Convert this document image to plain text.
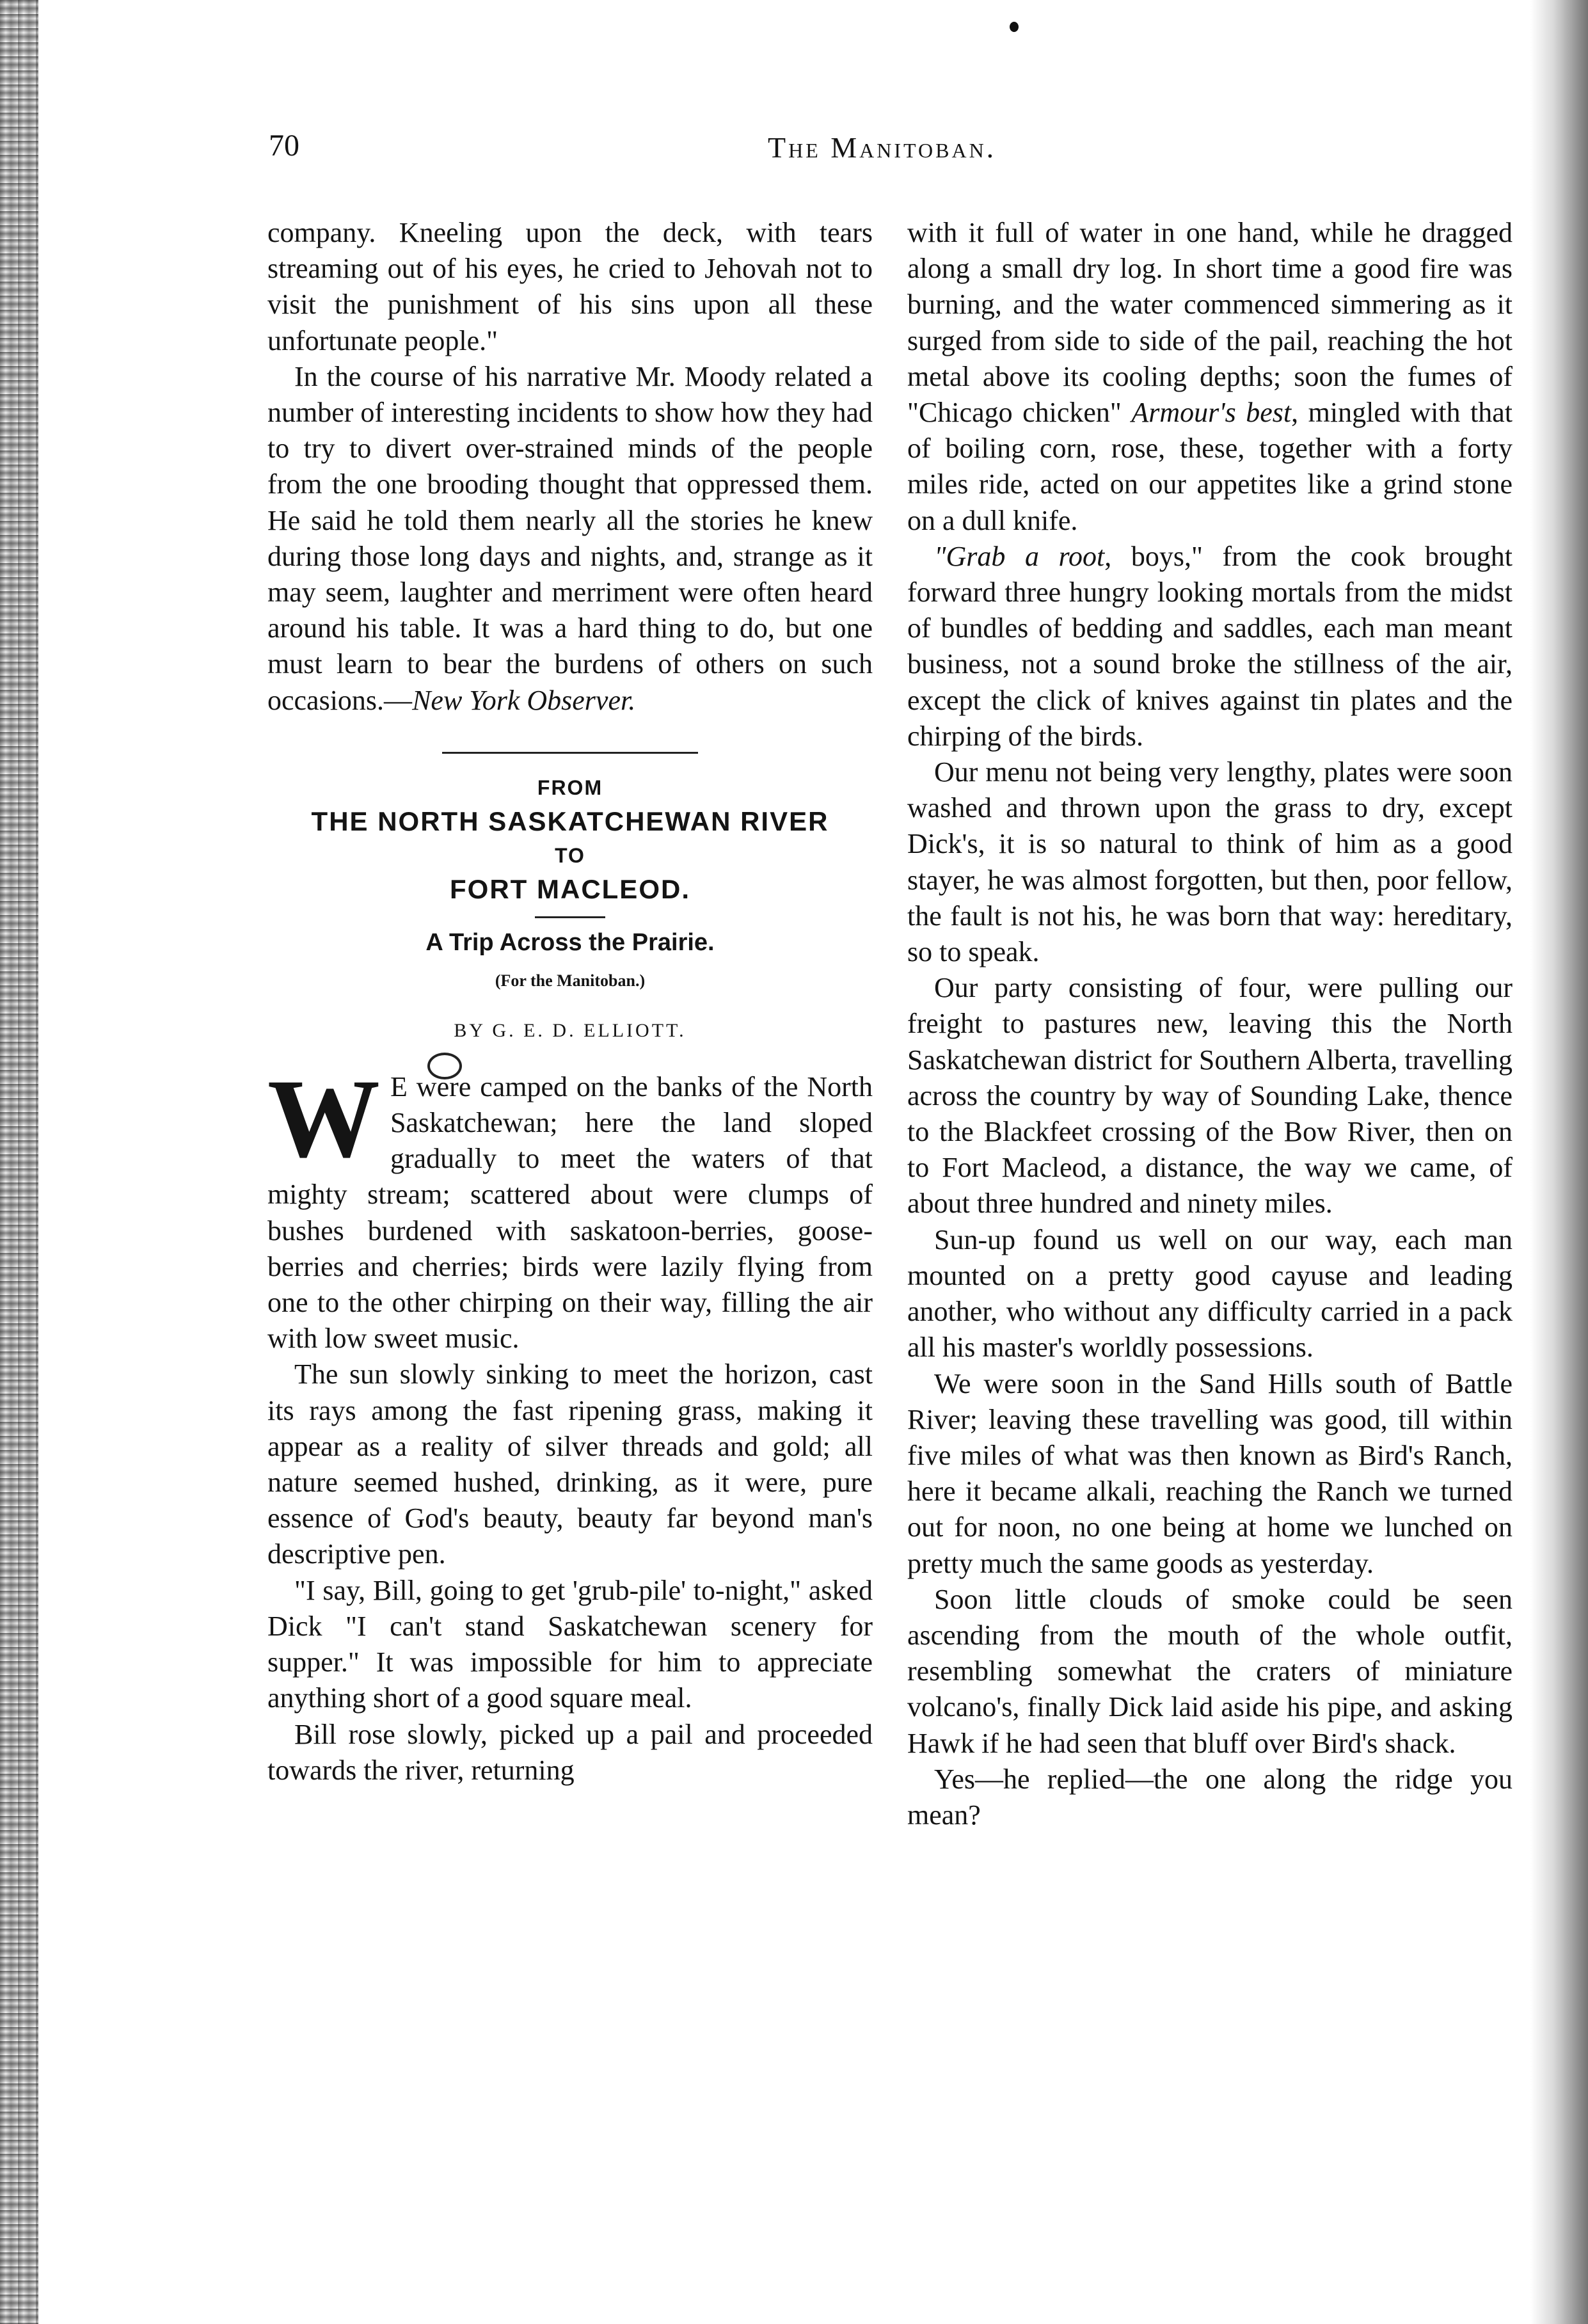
70	The Manitoban.

company. Kneeling upon the deck, with tears streaming out of his eyes, he cried to Jehovah not to visit the punishment of his sins upon all these unfortunate people."

In the course of his narrative Mr. Moody related a number of interesting incidents to show how they had to try to divert over-strained minds of the people from the one brooding thought that oppressed them. He said he told them nearly all the stories he knew during those long days and nights, and, strange as it may seem, laughter and merriment were often heard around his table. It was a hard thing to do, but one must learn to bear the burdens of others on such occasions.—New York Observer.

FROM
THE NORTH SASKATCHEWAN RIVER
TO
FORT MACLEOD.
A Trip Across the Prairie.
(For the Manitoban.)
BY G. E. D. ELLIOTT.

W E were camped on the banks of the North Saskatchewan; here the land sloped gradually to meet the waters of that mighty stream; scattered about were clumps of bushes burdened with saskatoon-berries, goose-berries and cherries; birds were lazily flying from one to the other chirping on their way, filling the air with low sweet music.

The sun slowly sinking to meet the horizon, cast its rays among the fast ripening grass, making it appear as a reality of silver threads and gold; all nature seemed hushed, drinking, as it were, pure essence of God's beauty, beauty far beyond man's descriptive pen.

"I say, Bill, going to get 'grub-pile' to-night," asked Dick "I can't stand Saskatchewan scenery for supper." It was impossible for him to appreciate anything short of a good square meal.

Bill rose slowly, picked up a pail and proceeded towards the river, returning

with it full of water in one hand, while he dragged along a small dry log. In short time a good fire was burning, and the water commenced simmering as it surged from side to side of the pail, reaching the hot metal above its cooling depths; soon the fumes of "Chicago chicken" Armour's best, mingled with that of boiling corn, rose, these, together with a forty miles ride, acted on our appetites like a grind stone on a dull knife.

"Grab a root, boys," from the cook brought forward three hungry looking mortals from the midst of bundles of bedding and saddles, each man meant business, not a sound broke the stillness of the air, except the click of knives against tin plates and the chirping of the birds.

Our menu not being very lengthy, plates were soon washed and thrown upon the grass to dry, except Dick's, it is so natural to think of him as a good stayer, he was almost forgotten, but then, poor fellow, the fault is not his, he was born that way: hereditary, so to speak.

Our party consisting of four, were pulling our freight to pastures new, leaving this the North Saskatchewan district for Southern Alberta, travelling across the country by way of Sounding Lake, thence to the Blackfeet crossing of the Bow River, then on to Fort Macleod, a distance, the way we came, of about three hundred and ninety miles.

Sun-up found us well on our way, each man mounted on a pretty good cayuse and leading another, who without any difficulty carried in a pack all his master's worldly possessions.

We were soon in the Sand Hills south of Battle River; leaving these travelling was good, till within five miles of what was then known as Bird's Ranch, here it became alkali, reaching the Ranch we turned out for noon, no one being at home we lunched on pretty much the same goods as yesterday.

Soon little clouds of smoke could be seen ascending from the mouth of the whole outfit, resembling somewhat the craters of miniature volcano's, finally Dick laid aside his pipe, and asking Hawk if he had seen that bluff over Bird's shack.

Yes—he replied—the one along the ridge you mean?
